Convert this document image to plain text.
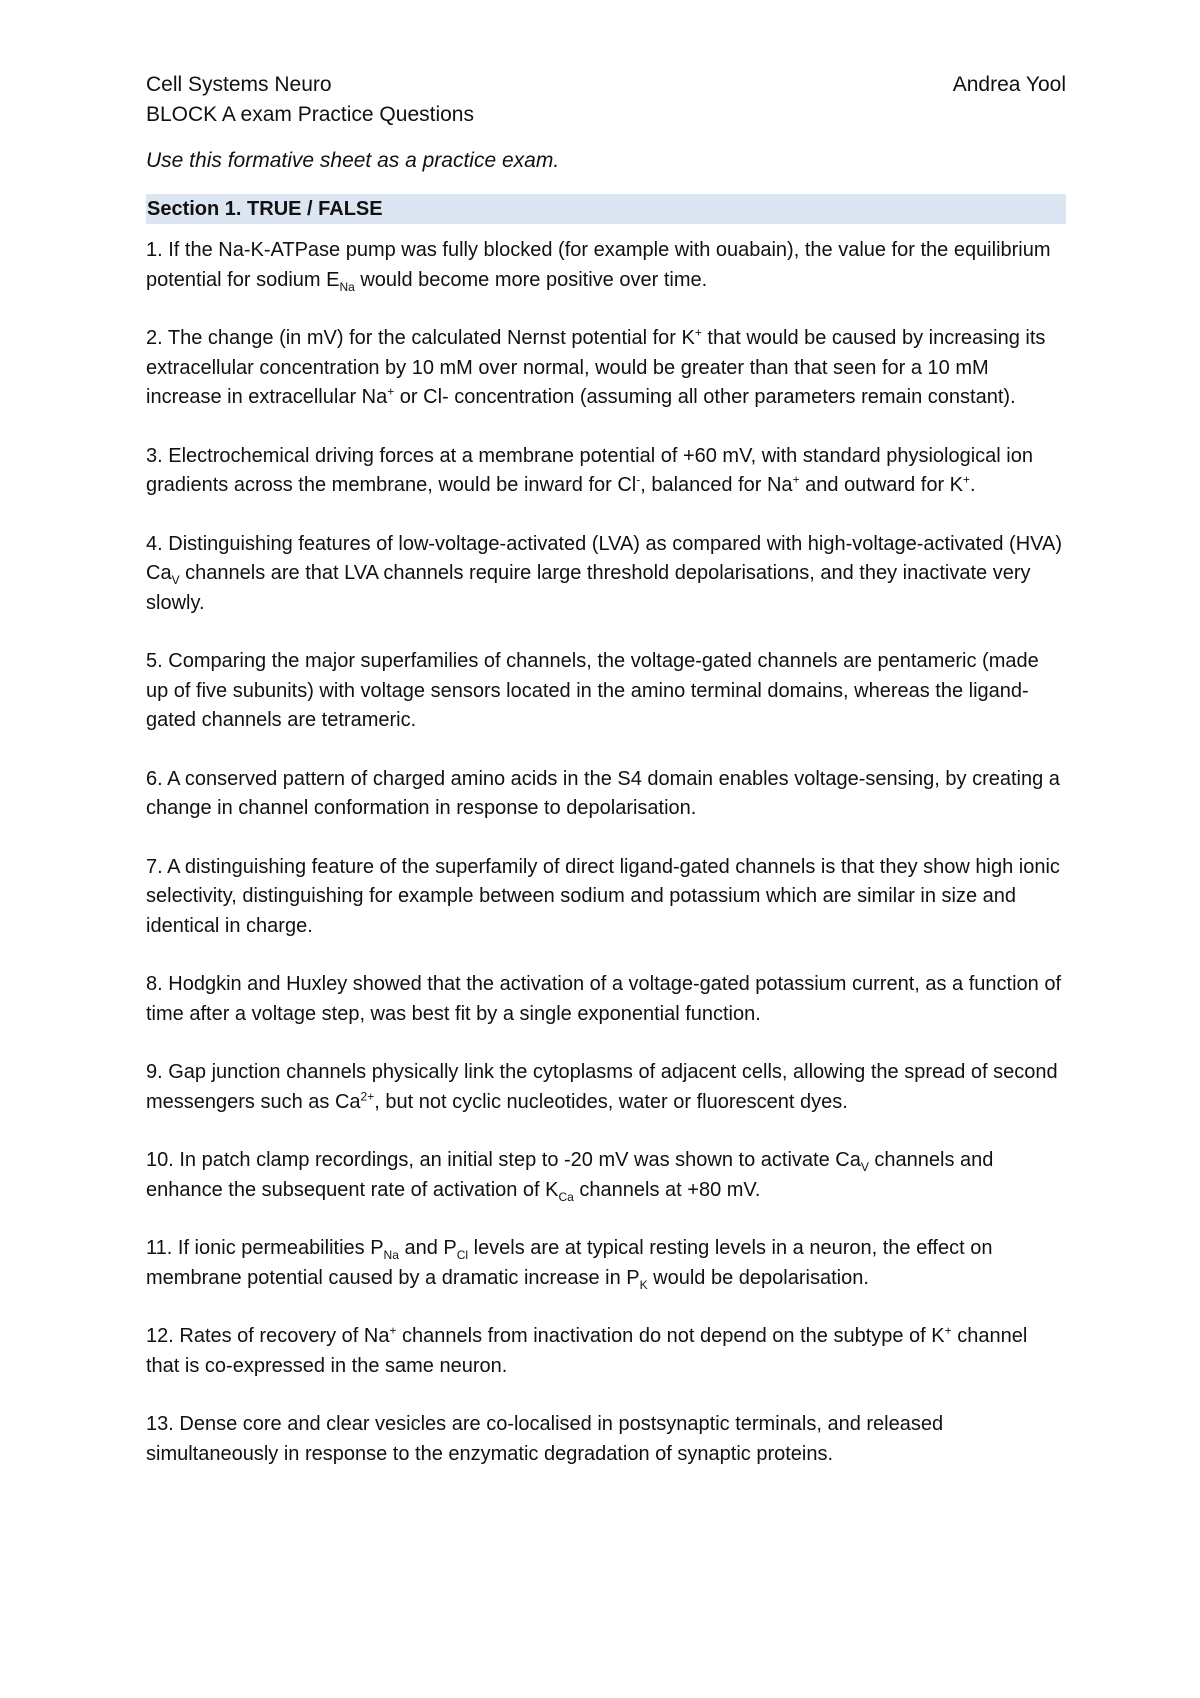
Cell Systems Neuro	Andrea Yool
BLOCK A exam Practice Questions
Use this formative sheet as a practice exam.
Section 1. TRUE / FALSE

1. If the Na-K-ATPase pump was fully blocked (for example with ouabain), the value for the equilibrium potential for sodium $E_{Na}$ would become more positive over time.

2. The change (in mV) for the calculated Nernst potential for K+ that would be caused by increasing its extracellular concentration by 10 mM over normal, would be greater than that seen for a 10 mM increase in extracellular Na+ or Cl- concentration (assuming all other parameters remain constant).

3. Electrochemical driving forces at a membrane potential of +60 mV, with standard physiological ion gradients across the membrane, would be inward for Cl-, balanced for Na+ and outward for K+.

4. Distinguishing features of low-voltage-activated (LVA) as compared with high-voltage-activated (HVA) $Ca_V$ channels are that LVA channels require large threshold depolarisations, and they inactivate very slowly.

5. Comparing the major superfamilies of channels, the voltage-gated channels are pentameric (made up of five subunits) with voltage sensors located in the amino terminal domains, whereas the ligand-gated channels are tetrameric.

6. A conserved pattern of charged amino acids in the S4 domain enables voltage-sensing, by creating a change in channel conformation in response to depolarisation.

7. A distinguishing feature of the superfamily of direct ligand-gated channels is that they show high ionic selectivity, distinguishing for example between sodium and potassium which are similar in size and identical in charge.

8. Hodgkin and Huxley showed that the activation of a voltage-gated potassium current, as a function of time after a voltage step, was best fit by a single exponential function.

9. Gap junction channels physically link the cytoplasms of adjacent cells, allowing the spread of second messengers such as $Ca^{2+}$, but not cyclic nucleotides, water or fluorescent dyes.

10. In patch clamp recordings, an initial step to -20 mV was shown to activate $Ca_V$ channels and enhance the subsequent rate of activation of $K_{Ca}$ channels at +80 mV.

11. If ionic permeabilities $P_{Na}$ and $P_{Cl}$ levels are at typical resting levels in a neuron, the effect on membrane potential caused by a dramatic increase in $P_K$ would be depolarisation.

12. Rates of recovery of Na+ channels from inactivation do not depend on the subtype of K+ channel that is co-expressed in the same neuron.

13. Dense core and clear vesicles are co-localised in postsynaptic terminals, and released simultaneously in response to the enzymatic degradation of synaptic proteins.
